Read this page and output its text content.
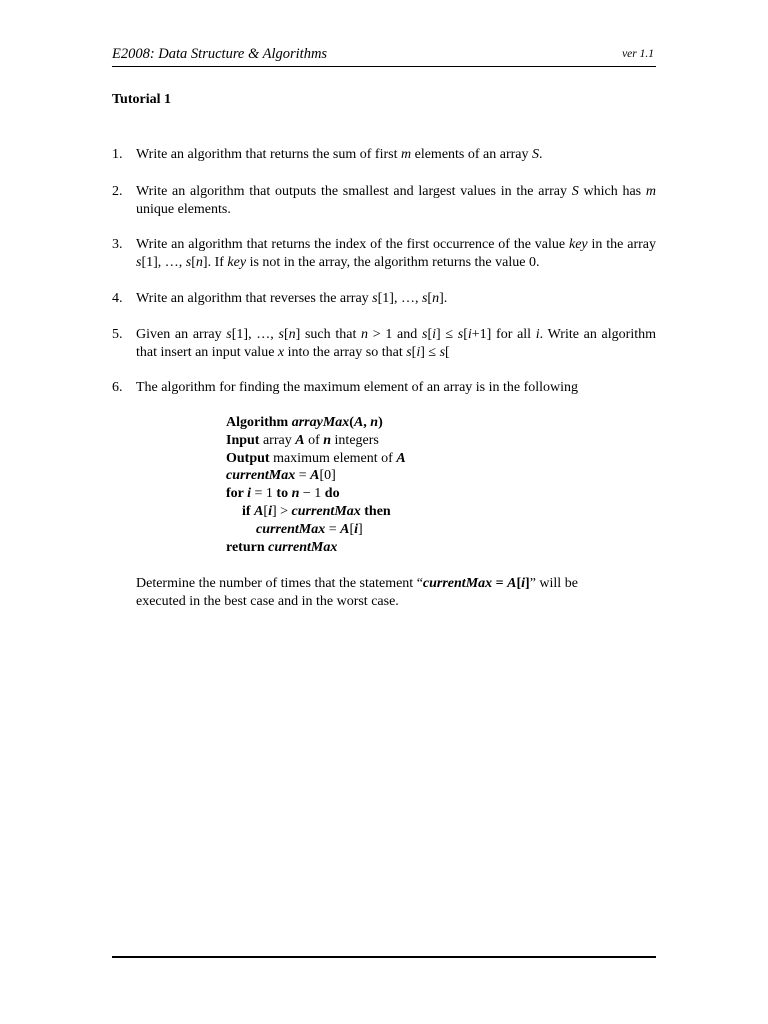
E2008: Data Structure & Algorithms	ver 1.1
Tutorial 1
1. Write an algorithm that returns the sum of first m elements of an array S.
2. Write an algorithm that outputs the smallest and largest values in the array S which has m unique elements.
3. Write an algorithm that returns the index of the first occurrence of the value key in the array s[1], …, s[n]. If key is not in the array, the algorithm returns the value 0.
4. Write an algorithm that reverses the array s[1], …, s[n].
5. Given an array s[1], …, s[n] such that n > 1 and s[i] ≤ s[i+1] for all i. Write an algorithm that insert an input value x into the array so that s[i] ≤ s[
6. The algorithm for finding the maximum element of an array is in the following
Algorithm arrayMax(A, n)
Input array A of n integers
Output maximum element of A
currentMax = A[0]
for i = 1 to n − 1 do
if A[i] > currentMax then
currentMax = A[i]
return currentMax
Determine the number of times that the statement “currentMax = A[i]” will be executed in the best case and in the worst case.
